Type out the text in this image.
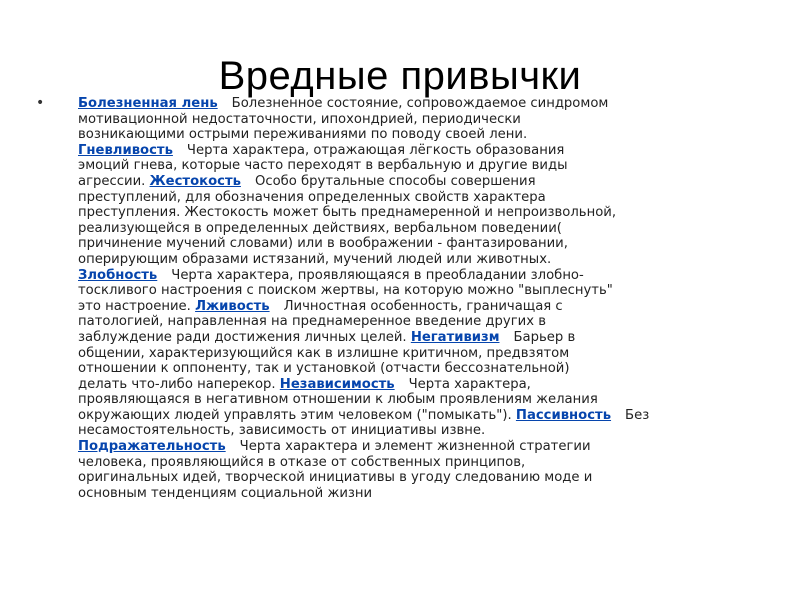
Вредные привычки
•	Болезненная лень Болезненное состояние, сопровождаемое синдромом
мотивационной недостаточности, ипохондрией, периодически
возникающими острыми переживаниями по поводу своей лени.
Гневливость Черта характера, отражающая лёгкость образования
эмоций гнева, которые часто переходят в вербальную и другие виды
агрессии. Жестокость Особо брутальные способы совершения
преступлений, для обозначения определенных свойств характера
преступления. Жестокость может быть преднамеренной и непроизвольной,
реализующейся в определенных действиях, вербальном поведении(
причинение мучений словами) или в воображении - фантазировании,
оперирующим образами истязаний, мучений людей или животных.
Злобность Черта характера, проявляющаяся в преобладании злобно-
тоскливого настроения с поиском жертвы, на которую можно "выплеснуть"
это настроение. Лживость Личностная особенность, граничащая с
патологией, направленная на преднамеренное введение других в
заблуждение ради достижения личных целей. Негативизм Барьер в
общении, характеризующийся как в излишне критичном, предвзятом
отношении к оппоненту, так и установкой (отчасти бессознательной)
делать что-либо наперекор. Независимость Черта характера,
проявляющаяся в негативном отношении к любым проявлениям желания
окружающих людей управлять этим человеком ("помыкать"). Пассивность Без
несамостоятельность, зависимость от инициативы извне.
Подражательность Черта характера и элемент жизненной стратегии
человека, проявляющийся в отказе от собственных принципов,
оригинальных идей, творческой инициативы в угоду следованию моде и
основным тенденциям социальной жизни
